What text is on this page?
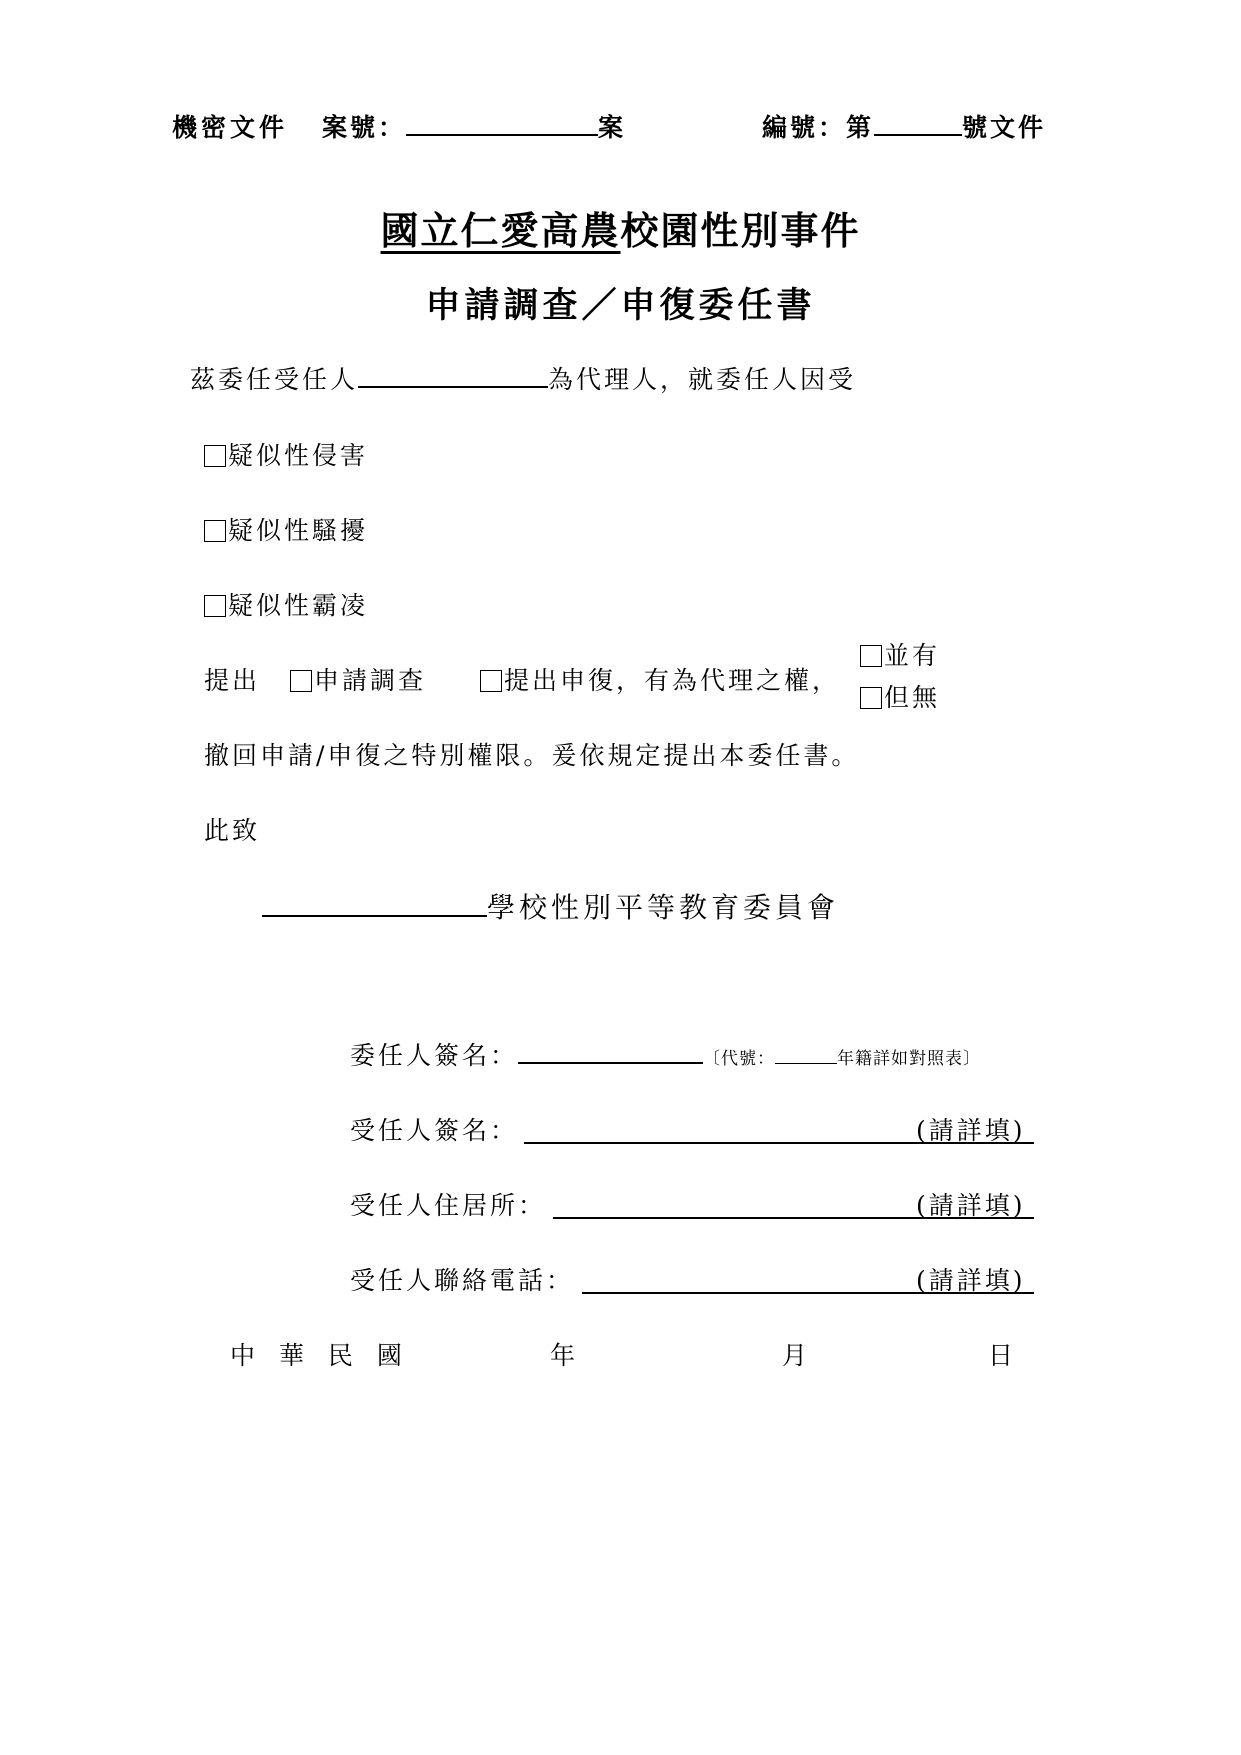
機密文件 案號：	案	編號：第	號文件
國立仁愛高農校園性別事件
申請調查／申復委任書
茲委任受任人	為代理人，就委任人因受
疑似性侵害
疑似性騷擾
疑似性霸凌
提出	申請調查	提出申復，有為代理之權，
並有
但無
撤回申請/申復之特別權限。爰依規定提出本委任書。
此致
學校性別平等教育委員會
委任人簽名：	〔代號：	年籍詳如對照表〕
受任人簽名：	(請詳填)
受任人住居所：	(請詳填)
受任人聯絡電話：	(請詳填)
中 華 民 國	年	月	日
